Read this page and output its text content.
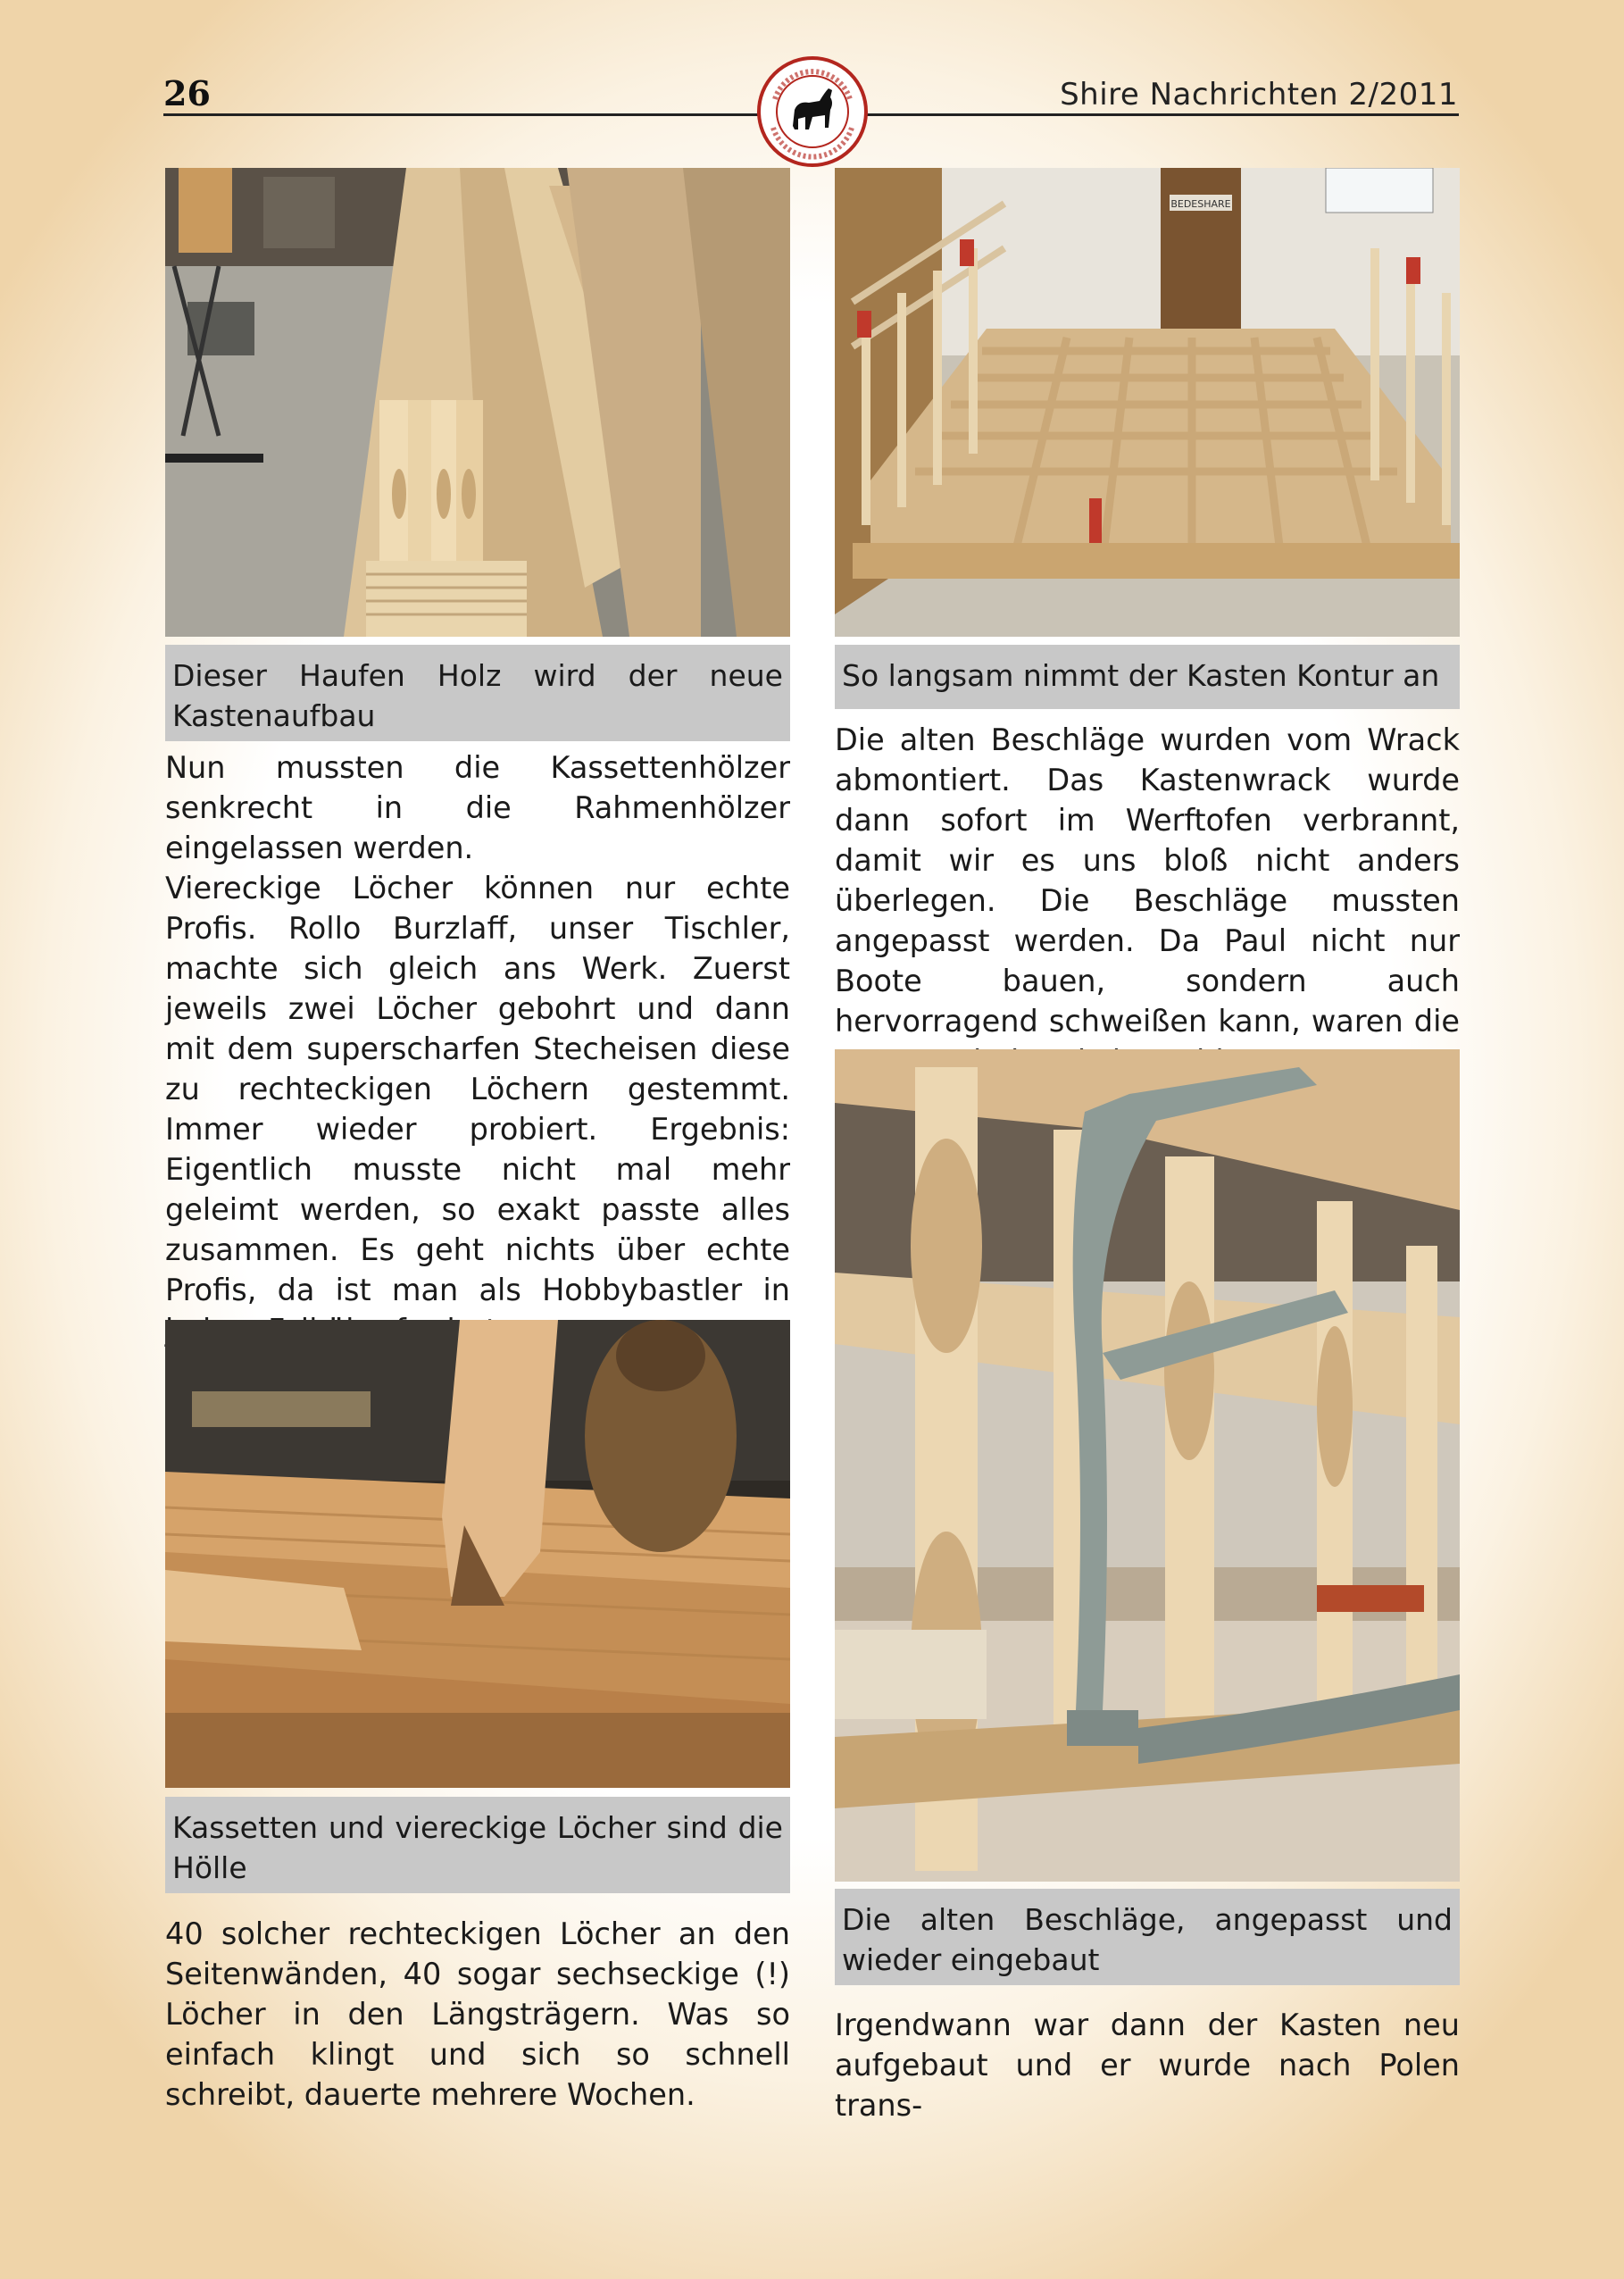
26	Shire Nachrichten 2/2011
Dieser Haufen Holz wird der neue Kastenaufbau

Nun mussten die Kassettenhölzer senkrecht in die Rahmenhölzer eingelassen werden.

Viereckige Löcher können nur echte Profis. Rollo Burzlaff, unser Tischler, machte sich gleich ans Werk. Zuerst jeweils zwei Löcher gebohrt und dann mit dem superscharfen Stecheisen diese zu rechteckigen Löchern gestemmt. Immer wieder probiert. Ergebnis: Eigentlich musste nicht mal mehr geleimt werden, so exakt passte alles zusammen. Es geht nichts über echte Profis, da ist man als Hobbybastler in

Kassetten und viereckige Löcher sind die Hölle

40 solcher rechteckigen Löcher an den Seitenwänden, 40 sogar sechseckige (!) Löcher in den Längsträgern. Was so einfach klingt und sich so schnell schreibt, dauerte mehrere Wochen.

BEDESHARE
So langsam nimmt der Kasten Kontur an

Die alten Beschläge wurden vom Wrack abmontiert. Das Kastenwrack wurde dann sofort im Werftofen verbrannt, damit wir es uns bloß nicht anders überlegen. Die Beschläge mussten angepasst werden. Da Paul nicht nur Boote bauen, sondern auch hervorragend schweißen kann, waren die

Die alten Beschläge, angepasst und wieder eingebaut

Irgendwann war dann der Kasten neu aufgebaut und er wurde nach Polen trans-
